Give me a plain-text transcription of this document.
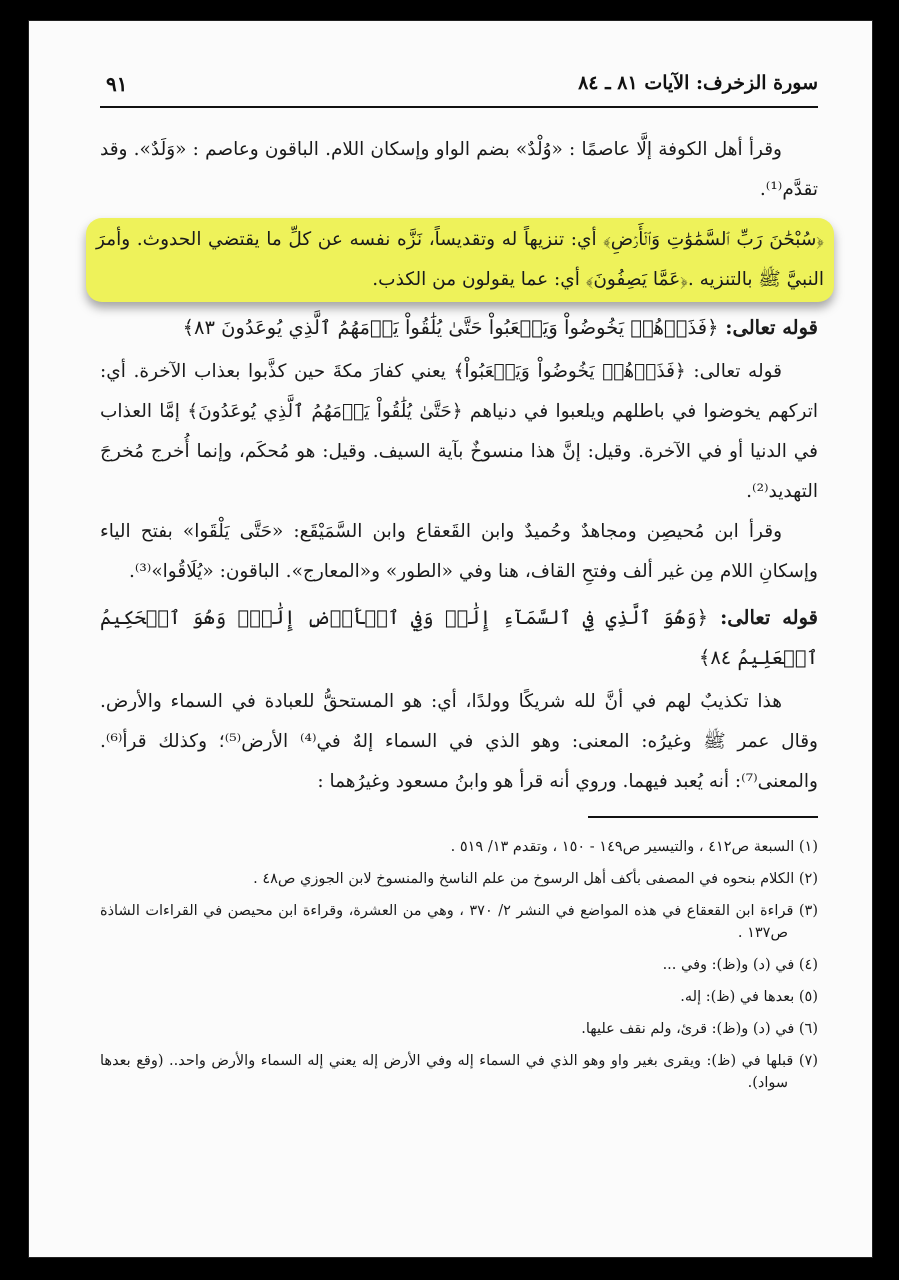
سورة الزخرف: الآيات ٨١ ـ ٨٤
٩١

وقرأ أهل الكوفة إلَّا عاصمًا : «وُلْدٌ» بضم الواو وإسكان اللام. الباقون وعاصم : «وَلَدٌ». وقد تقدَّم⁽¹⁾.

﴿سُبْحَٰنَ رَبِّ ٱلسَّمَٰوَٰتِ وَٱلۡأَرۡضِ﴾ أي: تنزيهاً له وتقديساً، نَزَّه نفسه عن كلِّ ما يقتضي الحدوث. وأمرَ النبيَّ ﷺ بالتنزيه .﴿عَمَّا يَصِفُونَ﴾ أي: عما يقولون من الكذب.

قوله تعالى: ﴿فَذَرۡهُمۡ يَخُوضُواْ وَيَلۡعَبُواْ حَتَّىٰ يُلَٰقُواْ يَوۡمَهُمُ ٱلَّذِي يُوعَدُونَ ٨٣﴾

قوله تعالى: ﴿فَذَرۡهُمۡ يَخُوضُواْ وَيَلۡعَبُواْ﴾ يعني كفارَ مكةَ حين كذَّبوا بعذاب الآخرة. أي: اتركهم يخوضوا في باطلهم ويلعبوا في دنياهم ﴿حَتَّىٰ يُلَٰقُواْ يَوۡمَهُمُ ٱلَّذِي يُوعَدُونَ﴾ إمَّا العذاب في الدنيا أو في الآخرة. وقيل: إنَّ هذا منسوخٌ بآية السيف. وقيل: هو مُحكَم، وإنما أُخرج مُخرجَ التهديد⁽²⁾.

وقرأ ابن مُحيصِن ومجاهدٌ وحُميدٌ وابن القَعقاع وابن السَّمَيْقَع: «حَتَّى يَلْقَوا» بفتح الياء وإسكانِ اللام مِن غير ألف وفتحِ القاف، هنا وفي «الطور» و«المعارج». الباقون: «يُلَاقُوا»⁽³⁾.

قوله تعالى: ﴿وَهُوَ ٱلَّذِي فِي ٱلسَّمَآءِ إِلَٰهٞ وَفِي ٱلۡأَرۡضِ إِلَٰهٞۚ وَهُوَ ٱلۡحَكِيمُ ٱلۡعَلِيمُ ٨٤﴾

هذا تكذيبٌ لهم في أنَّ لله شريكًا وولدًا، أي: هو المستحقُّ للعبادة في السماء والأرض. وقال عمر ﷺ وغيرُه: المعنى: وهو الذي في السماء إلهٌ في⁽⁴⁾ الأرض⁽⁵⁾؛ وكذلك قرأ⁽⁶⁾. والمعنى⁽⁷⁾: أنه يُعبد فيهما. وروي أنه قرأ هو وابنُ مسعود وغيرُهما :

(١) السبعة ص٤١٢ ، والتيسير ص١٤٩ - ١٥٠ ، وتقدم ١٣/ ٥١٩ .

(٢) الكلام بنحوه في المصفى بأكف أهل الرسوخ من علم الناسخ والمنسوخ لابن الجوزي ص٤٨ .

(٣) قراءة ابن القعقاع في هذه المواضع في النشر ٢/ ٣٧٠ ، وهي من العشرة، وقراءة ابن محيصن في القراءات الشاذة ص١٣٧ .

(٤) في (د) و(ظ): وفي ...

(٥) بعدها في (ظ): إله.

(٦) في (د) و(ظ): قرئ، ولم نقف عليها.

(٧) قبلها في (ظ): ويقرى بغير واو وهو الذي في السماء إله وفي الأرض إله يعني إله السماء والأرض واحد.. (وقع بعدها سواد).
